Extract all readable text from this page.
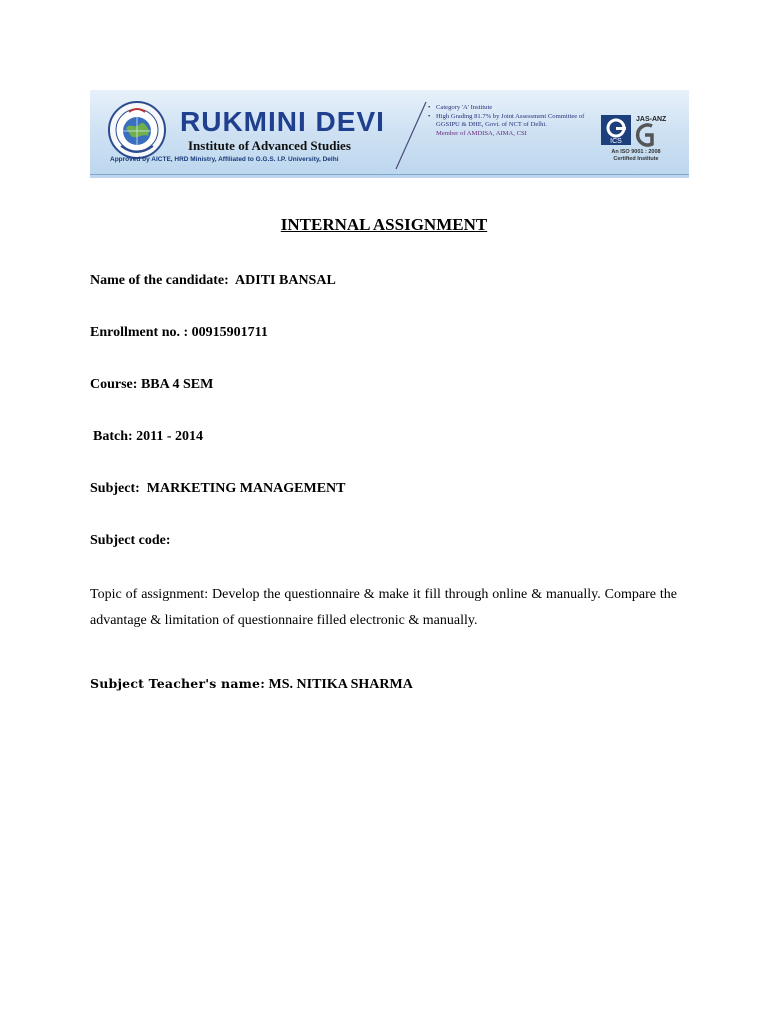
RUKMINI DEVI
Institute of Advanced Studies
Approved by AICTE, HRD Ministry, Affiliated to G.G.S. I.P. University, Delhi
• Category 'A' Institute
• High Grading 81.7% by Joint Assessment Committee of GGSIPU & DHE, Govt. of NCT of Delhi.
Member of AMDISA, AIMA, CSI
ICS
JAS-ANZ
An ISO 9001 : 2008
Certified Institute
INTERNAL ASSIGNMENT
Name of the candidate: ADITI BANSAL
Enrollment no. : 00915901711
Course: BBA 4 SEM
Batch: 2011 - 2014
Subject: MARKETING MANAGEMENT
Subject code:
Topic of assignment: Develop the questionnaire & make it fill through online & manually. Compare the advantage & limitation of questionnaire filled electronic & manually.
Subject Teacher's name: MS. NITIKA SHARMA
